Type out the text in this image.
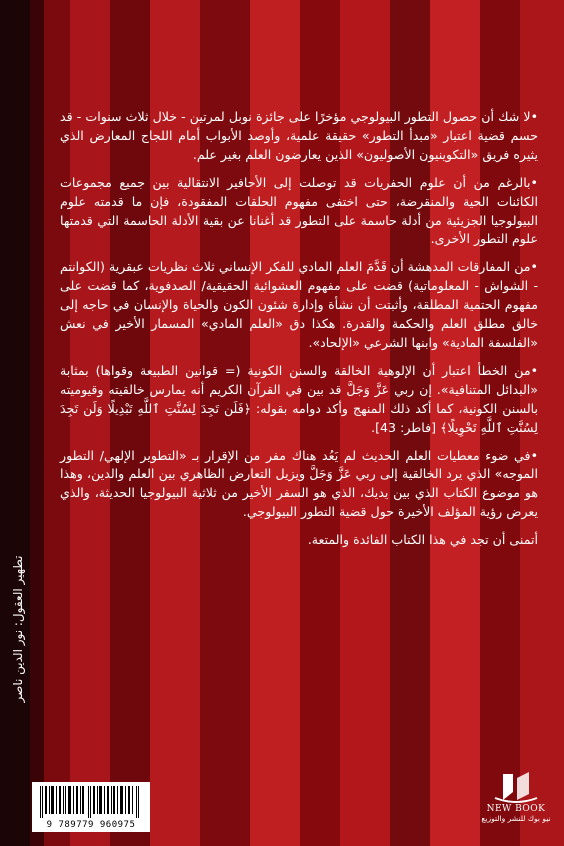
تطهير العقول: نور الدين ناصر

•لا شك أن حصول التطور البيولوجي مؤخرًا على جائزة نوبل لمرتين - خلال ثلاث سنوات - قد حسم قضية اعتبار «مبدأ التطور» حقيقة علمية، وأوصد الأبواب أمام اللجاج المعارض الذي يثيره فريق «التكوينيون الأصوليون» الذين يعارضون العلم بغير علم.

•بالرغم من أن علوم الحفريات قد توصلت إلى الأحافير الانتقالية بين جميع مجموعات الكائنات الحية والمنقرضة، حتى اختفى مفهوم الحلقات المفقودة، فإن ما قدمته علوم البيولوجيا الجزيئية من أدلة حاسمة على التطور قد أغنانا عن بقية الأدلة الحاسمة التي قدمتها علوم التطور الأخرى.

•من المفارقات المدهشة أن قَدَّمَ العلم المادي للفكر الإنساني ثلاث نظريات عبقرية (الكوانتم - الشواش - المعلوماتية) قضت على مفهوم العشوائية الحقيقية/ الصدفوية، كما قضت على مفهوم الحتمية المطلقة، وأثبتت أن نشأة وإدارة شئون الكون والحياة والإنسان في حاجه إلى خالق مطلق العلم والحكمة والقدرة. هكذا دق «العلم المادي» المسمار الأخير في نعش «الفلسفة المادية» وابنها الشرعي «الإلحاد».

•من الخطأ اعتبار أن الإلوهية الخالقة والسنن الكونية (= قوانين الطبيعة وقواها) بمثابة «البدائل المتنافية». إن ربي عَزَّ وَجَلَّ قد بين في القرآن الكريم أنه يمارس خالقيته وقيوميته بالسنن الكونية، كما أكد ذلك المنهج وأكد دوامه بقوله: ﴿فَلَن تَجِدَ لِسُنَّتِ ٱللَّهِ تَبْدِيلًا وَلَن تَجِدَ لِسُنَّتِ ٱللَّهِ تَحْوِيلًا﴾ [فاطر: 43].

•في ضوء معطيات العلم الحديث لم يَعُد هناك مفر من الإقرار بـ «التطوير الإلهي/ التطور الموجه» الذي يرد الخالقية إلى ربي عَزَّ وَجَلَّ ويزيل التعارض الظاهري بين العلم والدين، وهذا هو موضوع الكتاب الذي بين يديك، الذي هو السفر الأخير من ثلاثية البيولوجيا الحديثة، والذي يعرض رؤية المؤلف الأخيرة حول قضية التطور البيولوجي.

أتمنى أن تجد في هذا الكتاب الفائدة والمتعة.

9 789779 960975
NEW BOOK
نيو بوك للنشر والتوزيع
